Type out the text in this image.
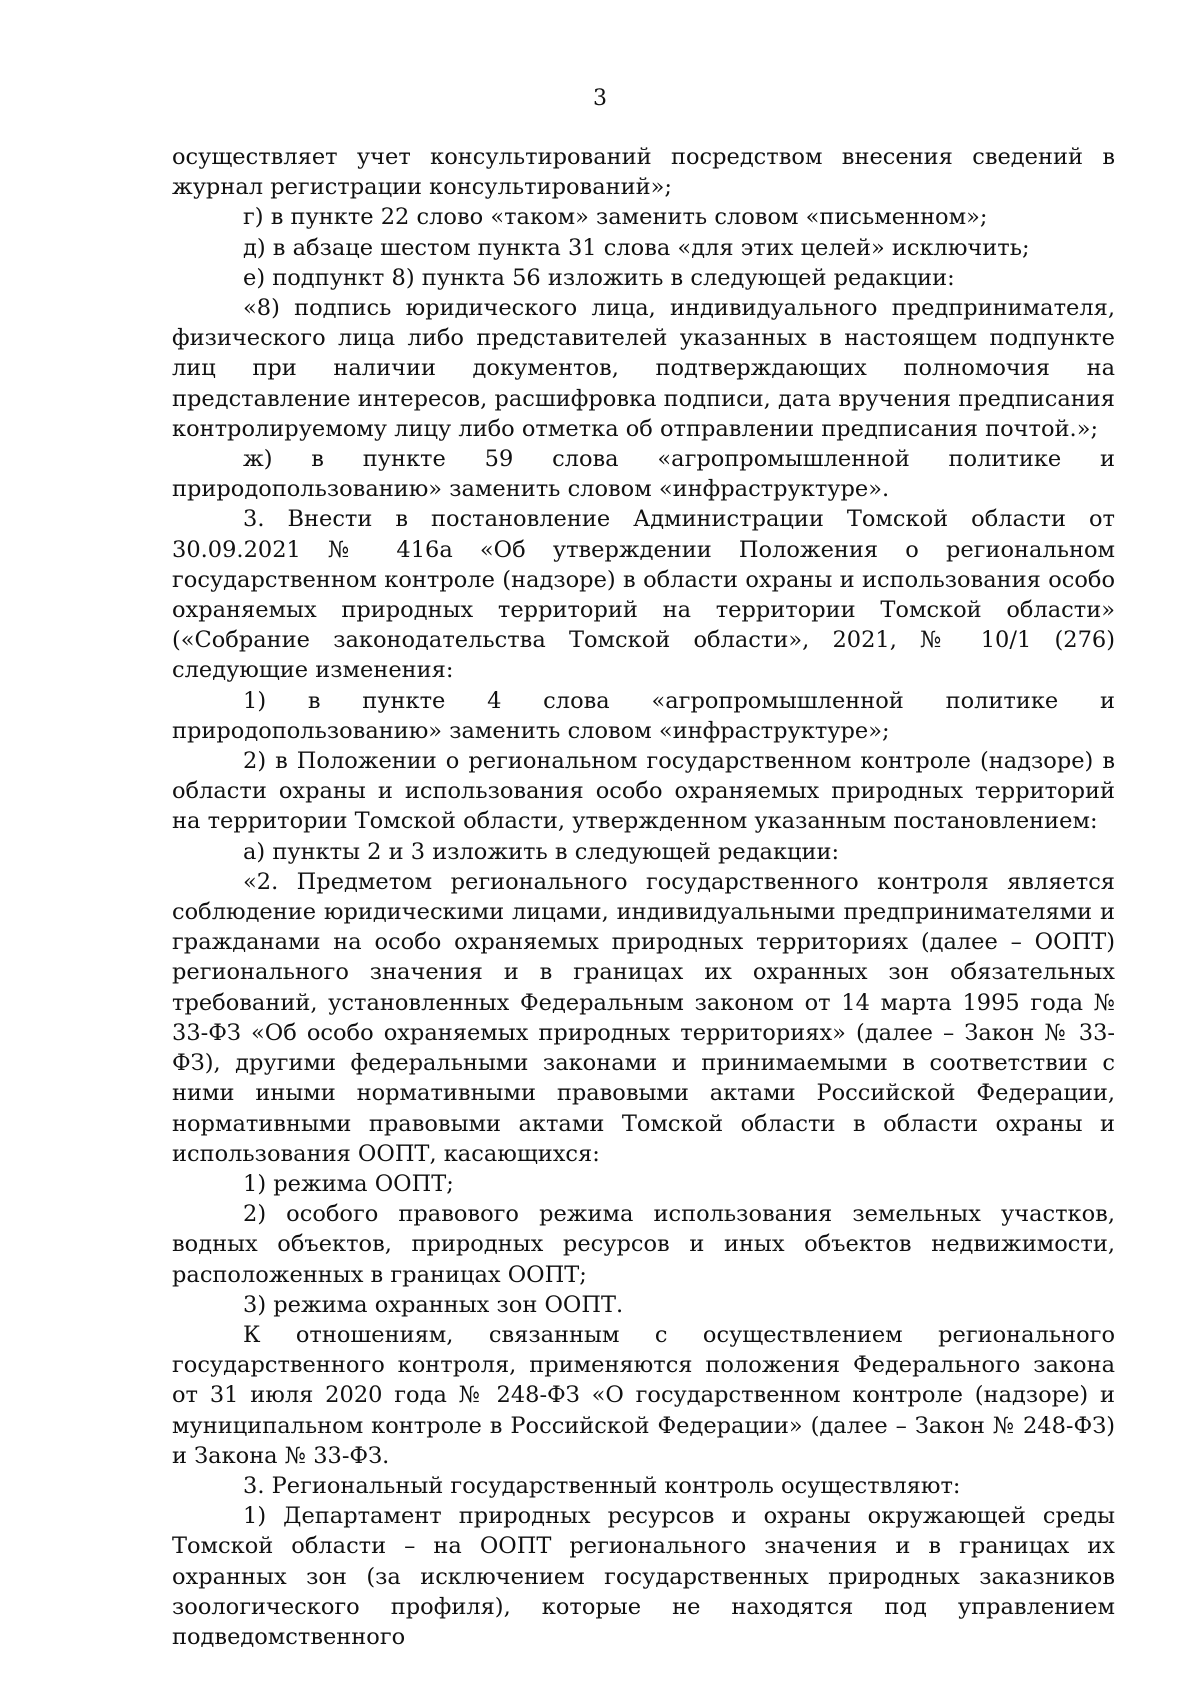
3

осуществляет учет консультирований посредством внесения сведений в журнал регистрации консультирований»;

г) в пункте 22 слово «таком» заменить словом «письменном»;

д) в абзаце шестом пункта 31 слова «для этих целей» исключить;

е) подпункт 8) пункта 56 изложить в следующей редакции:

«8) подпись юридического лица, индивидуального предпринимателя, физического лица либо представителей указанных в настоящем подпункте лиц при наличии документов, подтверждающих полномочия на представление интересов, расшифровка подписи, дата вручения предписания контролируемому лицу либо отметка об отправлении предписания почтой.»;

ж) в пункте 59 слова «агропромышленной политике и природопользованию» заменить словом «инфраструктуре».

3. Внести в постановление Администрации Томской области от 30.09.2021 № 416а «Об утверждении Положения о региональном государственном контроле (надзоре) в области охраны и использования особо охраняемых природных территорий на территории Томской области» («Собрание законодательства Томской области», 2021, № 10/1 (276) следующие изменения:

1) в пункте 4 слова «агропромышленной политике и природопользованию» заменить словом «инфраструктуре»;

2) в Положении о региональном государственном контроле (надзоре) в области охраны и использования особо охраняемых природных территорий на территории Томской области, утвержденном указанным постановлением:

а) пункты 2 и 3 изложить в следующей редакции:

«2. Предметом регионального государственного контроля является соблюдение юридическими лицами, индивидуальными предпринимателями и гражданами на особо охраняемых природных территориях (далее – ООПТ) регионального значения и в границах их охранных зон обязательных требований, установленных Федеральным законом от 14 марта 1995 года № 33-ФЗ «Об особо охраняемых природных территориях» (далее – Закон № 33-ФЗ), другими федеральными законами и принимаемыми в соответствии с ними иными нормативными правовыми актами Российской Федерации, нормативными правовыми актами Томской области в области охраны и использования ООПТ, касающихся:

1) режима ООПТ;

2) особого правового режима использования земельных участков, водных объектов, природных ресурсов и иных объектов недвижимости, расположенных в границах ООПТ;

3) режима охранных зон ООПТ.

К отношениям, связанным с осуществлением регионального государственного контроля, применяются положения Федерального закона от 31 июля 2020 года № 248-ФЗ «О государственном контроле (надзоре) и муниципальном контроле в Российской Федерации» (далее – Закон № 248-ФЗ) и Закона № 33-ФЗ.

3. Региональный государственный контроль осуществляют:

1) Департамент природных ресурсов и охраны окружающей среды Томской области – на ООПТ регионального значения и в границах их охранных зон (за исключением государственных природных заказников зоологического профиля), которые не находятся под управлением подведомственного
